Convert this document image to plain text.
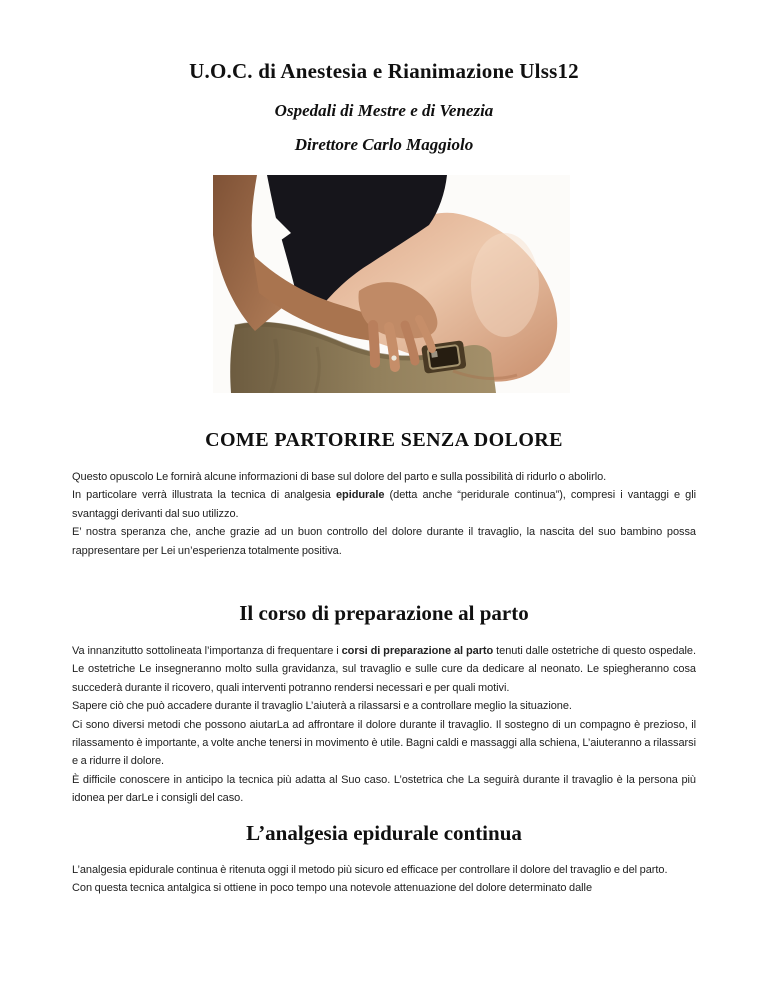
U.O.C. di Anestesia e Rianimazione Ulss12
Ospedali di Mestre e di Venezia
Direttore Carlo Maggiolo
COME PARTORIRE SENZA DOLORE
Questo opuscolo Le fornirà alcune informazioni di base sul dolore del parto e sulla possibilità di ridurlo o abolirlo.
In particolare verrà illustrata la tecnica di analgesia epidurale (detta anche “peridurale continua”), compresi i vantaggi e gli svantaggi derivanti dal suo utilizzo.
E’ nostra speranza che, anche grazie ad un buon controllo del dolore durante il travaglio, la nascita del suo bambino possa rappresentare per Lei un’esperienza totalmente positiva.
Il corso di preparazione al parto
Va innanzitutto sottolineata l’importanza di frequentare i corsi di preparazione al parto tenuti dalle ostetriche di questo ospedale. Le ostetriche Le insegneranno molto sulla gravidanza, sul travaglio e sulle cure da dedicare al neonato. Le spiegheranno cosa succederà durante il ricovero, quali interventi potranno rendersi necessari e per quali motivi.
Sapere ciò che può accadere durante il travaglio L’aiuterà a rilassarsi e a controllare meglio la situazione.
Ci sono diversi metodi che possono aiutarLa ad affrontare il dolore durante il travaglio. Il sostegno di un compagno è prezioso, il rilassamento è importante, a volte anche tenersi in movimento è utile. Bagni caldi e massaggi alla schiena, L’aiuteranno a rilassarsi e a ridurre il dolore.
È difficile conoscere in anticipo la tecnica più adatta al Suo caso. L’ostetrica che La seguirà durante il travaglio è la persona più idonea per darLe i consigli del caso.
L’analgesia epidurale continua
L’analgesia epidurale continua è ritenuta oggi il metodo più sicuro ed efficace per controllare il dolore del travaglio e del parto.
Con questa tecnica antalgica si ottiene in poco tempo una notevole attenuazione del dolore determinato dalle
